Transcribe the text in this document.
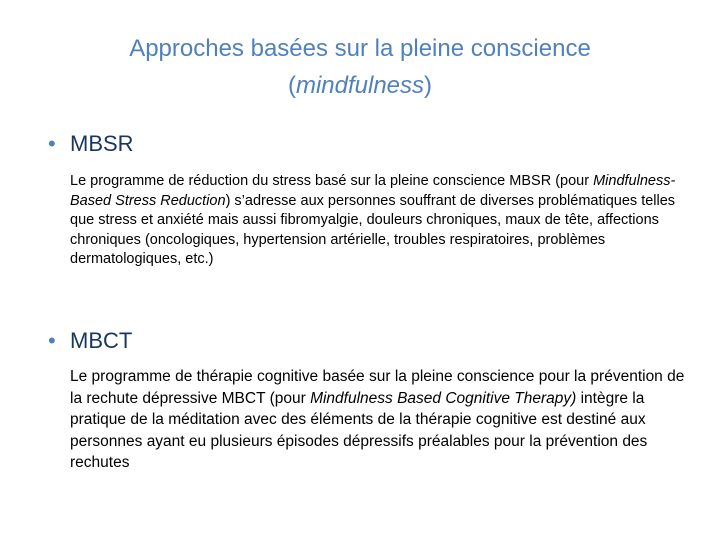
Approches basées sur la pleine conscience
(mindfulness)
• MBSR
Le programme de réduction du stress basé sur la pleine conscience MBSR (pour Mindfulness-Based Stress Reduction) s’adresse aux personnes souffrant de diverses problématiques telles que stress et anxiété mais aussi fibromyalgie, douleurs chroniques, maux de tête, affections chroniques (oncologiques, hypertension artérielle, troubles respiratoires, problèmes dermatologiques, etc.)
• MBCT
Le programme de thérapie cognitive basée sur la pleine conscience pour la prévention de la rechute dépressive MBCT (pour Mindfulness Based Cognitive Therapy) intègre la pratique de la méditation avec des éléments de la thérapie cognitive est destiné aux personnes ayant eu plusieurs épisodes dépressifs préalables pour la prévention des rechutes
